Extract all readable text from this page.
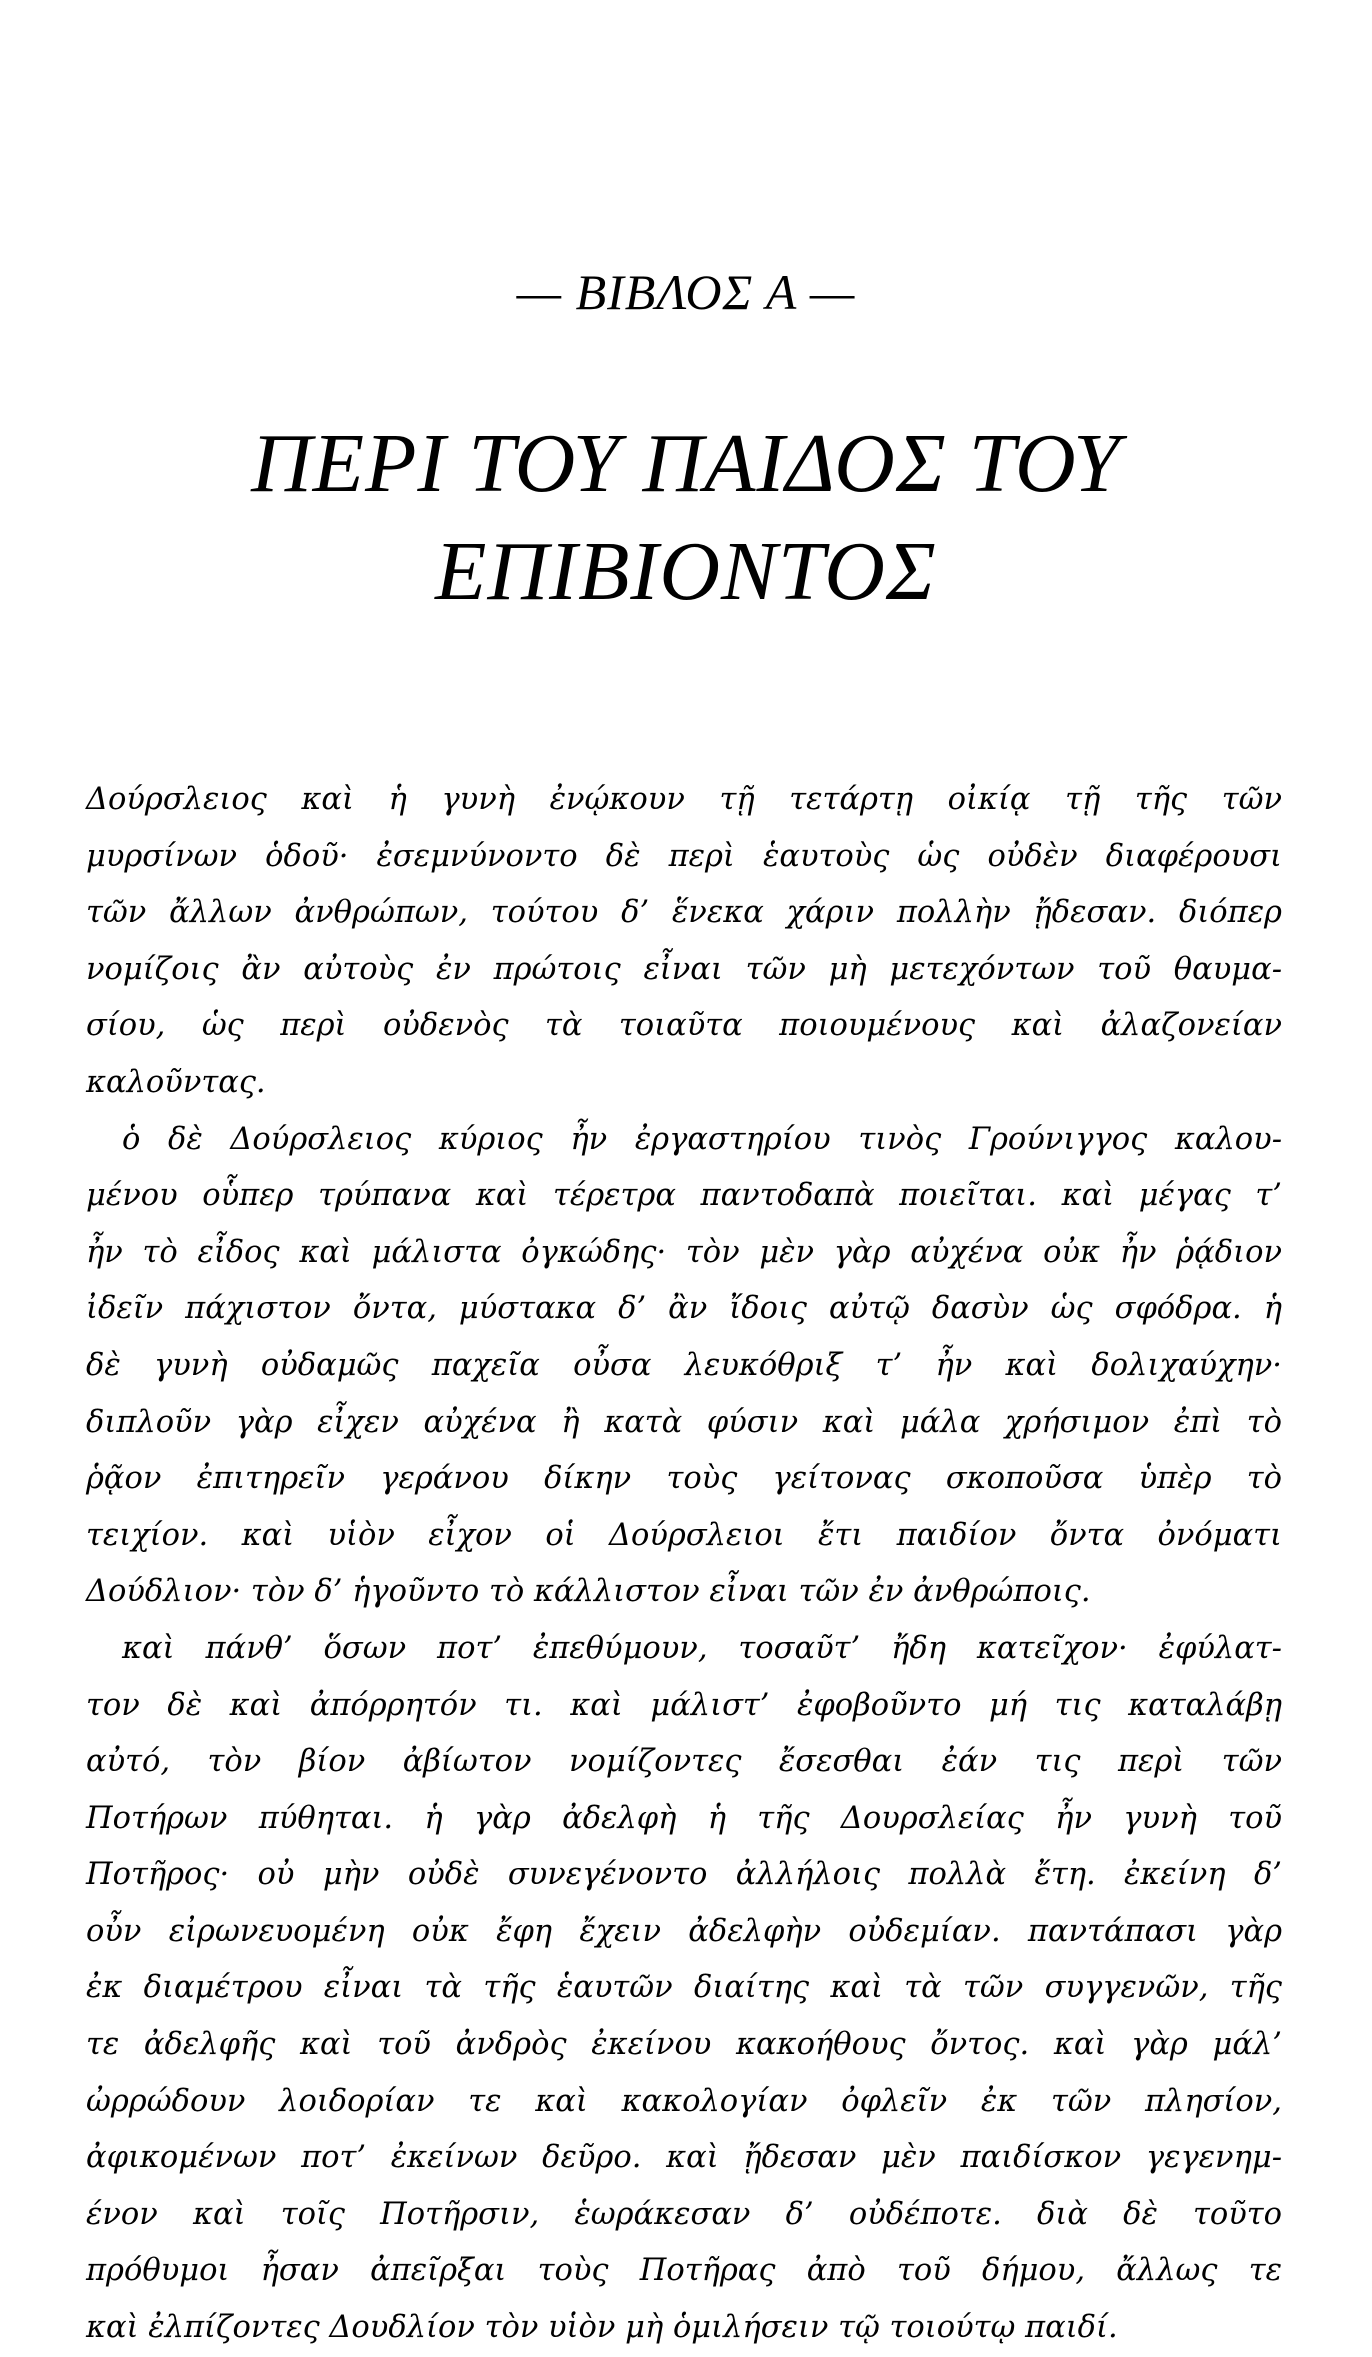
— ΒΙΒΛΟΣ Α —
ΠΕΡΙ ΤΟΥ ΠΑΙΔΟΣ ΤΟΥ
ΕΠΙΒΙΟΝΤΟΣ
Δούρσλειος καὶ ἡ γυνὴ ἐνῴκουν τῇ τετάρτῃ οἰκίᾳ τῇ τῆς τῶν
μυρσίνων ὁδοῦ· ἐσεμνύνοντο δὲ περὶ ἑαυτοὺς ὡς οὐδὲν διαφέρουσι
τῶν ἄλλων ἀνθρώπων, τούτου δ’ ἕνεκα χάριν πολλὴν ᾔδεσαν. διόπερ
νομίζοις ἂν αὐτοὺς ἐν πρώτοις εἶναι τῶν μὴ μετεχόντων τοῦ θαυμα-
σίου, ὡς περὶ οὐδενὸς τὰ τοιαῦτα ποιουμένους καὶ ἀλαζονείαν
καλοῦντας.
ὁ δὲ Δούρσλειος κύριος ἦν ἐργαστηρίου τινὸς Γρούνιγγος καλου-
μένου οὗπερ τρύπανα καὶ τέρετρα παντοδαπὰ ποιεῖται. καὶ μέγας τ’
ἦν τὸ εἶδος καὶ μάλιστα ὀγκώδης· τὸν μὲν γὰρ αὐχένα οὐκ ἦν ῥᾴδιον
ἰδεῖν πάχιστον ὄντα, μύστακα δ’ ἂν ἴδοις αὐτῷ δασὺν ὡς σφόδρα. ἡ
δὲ γυνὴ οὐδαμῶς παχεῖα οὖσα λευκόθριξ τ’ ἦν καὶ δολιχαύχην·
διπλοῦν γὰρ εἶχεν αὐχένα ἢ κατὰ φύσιν καὶ μάλα χρήσιμον ἐπὶ τὸ
ῥᾷον ἐπιτηρεῖν γεράνου δίκην τοὺς γείτονας σκοποῦσα ὑπὲρ τὸ
τειχίον. καὶ υἱὸν εἶχον οἱ Δούρσλειοι ἔτι παιδίον ὄντα ὀνόματι
Δούδλιον· τὸν δ’ ἡγοῦντο τὸ κάλλιστον εἶναι τῶν ἐν ἀνθρώποις.
καὶ πάνθ’ ὅσων ποτ’ ἐπεθύμουν, τοσαῦτ’ ἤδη κατεῖχον· ἐφύλατ-
τον δὲ καὶ ἀπόρρητόν τι. καὶ μάλιστ’ ἐφοβοῦντο μή τις καταλάβῃ
αὐτό, τὸν βίον ἀβίωτον νομίζοντες ἔσεσθαι ἐάν τις περὶ τῶν
Ποτήρων πύθηται. ἡ γὰρ ἀδελφὴ ἡ τῆς Δουρσλείας ἦν γυνὴ τοῦ
Ποτῆρος· οὐ μὴν οὐδὲ συνεγένοντο ἀλλήλοις πολλὰ ἔτη. ἐκείνη δ’
οὖν εἰρωνευομένη οὐκ ἔφη ἔχειν ἀδελφὴν οὐδεμίαν. παντάπασι γὰρ
ἐκ διαμέτρου εἶναι τὰ τῆς ἑαυτῶν διαίτης καὶ τὰ τῶν συγγενῶν, τῆς
τε ἀδελφῆς καὶ τοῦ ἀνδρὸς ἐκείνου κακοήθους ὄντος. καὶ γὰρ μάλ’
ὠρρώδουν λοιδορίαν τε καὶ κακολογίαν ὀφλεῖν ἐκ τῶν πλησίον,
ἀφικομένων ποτ’ ἐκείνων δεῦρο. καὶ ᾔδεσαν μὲν παιδίσκον γεγενημ-
ένον καὶ τοῖς Ποτῆρσιν, ἑωράκεσαν δ’ οὐδέποτε. διὰ δὲ τοῦτο
πρόθυμοι ἦσαν ἀπεῖρξαι τοὺς Ποτῆρας ἀπὸ τοῦ δήμου, ἄλλως τε
καὶ ἐλπίζοντες Δουδλίον τὸν υἱὸν μὴ ὁμιλήσειν τῷ τοιούτῳ παιδί.
